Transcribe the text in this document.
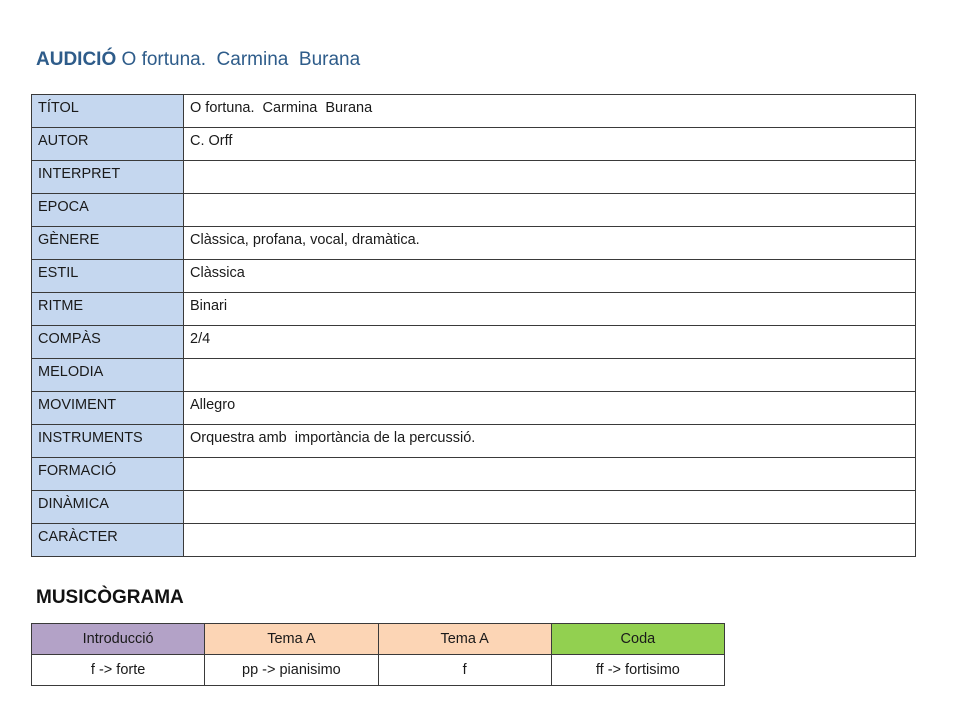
AUDICIÓ O fortuna.  Carmina  Burana
TÍTOL	O fortuna.  Carmina  Burana
AUTOR	C. Orff
INTERPRET	
EPOCA	
GÈNERE	Clàssica, profana, vocal, dramàtica.
ESTIL	Clàssica
RITME	Binari
COMPÀS	2/4
MELODIA	
MOVIMENT	Allegro
INSTRUMENTS	Orquestra amb  importància de la percussió.
FORMACIÓ	
DINÀMICA	
CARÀCTER	
MUSICÒGRAMA
Introducció	Tema A	Tema A	Coda
f -> forte	pp -> pianisimo	f	ff -> fortisimo
